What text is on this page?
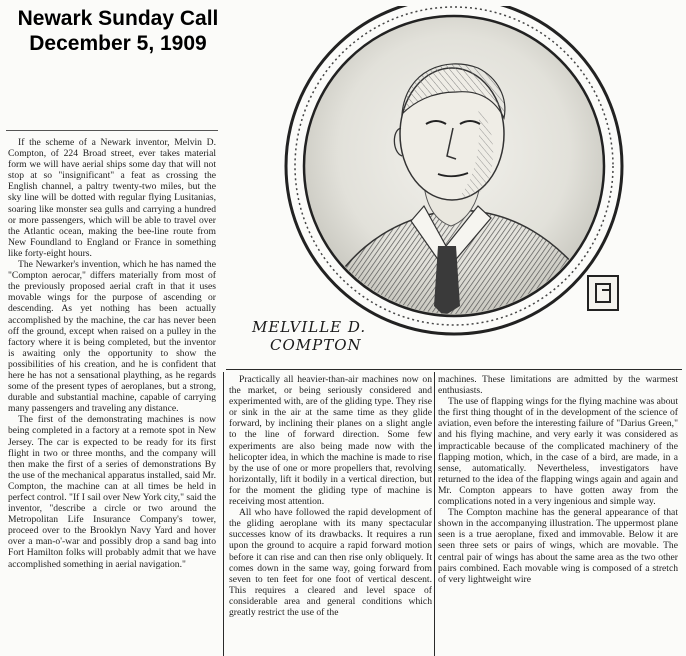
Newark Sunday Call
December 5, 1909
MELVILLE D.
COMPTON

If the scheme of a Newark inventor, Melvin D. Compton, of 224 Broad street, ever takes material form we will have aerial ships some day that will not stop at so "insignificant" a feat as crossing the English channel, a paltry twenty-two miles, but the sky line will be dotted with regular flying Lusitanias, soaring like monster sea gulls and carrying a hundred or more passengers, which will be able to travel over the Atlantic ocean, making the bee-line route from New Foundland to England or France in something like forty-eight hours.

The Newarker's invention, which he has named the "Compton aerocar," differs materially from most of the previously proposed aerial craft in that it uses movable wings for the purpose of ascending or descending. As yet nothing has been actually accomplished by the machine, the car has never been off the ground, except when raised on a pulley in the factory where it is being completed, but the inventor is awaiting only the opportunity to show the possibilities of his creation, and he is confident that here he has not a sensational plaything, as he regards some of the present types of aeroplanes, but a strong, durable and substantial machine, capable of carrying many passengers and traveling any distance.

The first of the demonstrating machines is now being completed in a factory at a remote spot in New Jersey. The car is expected to be ready for its first flight in two or three months, and the company will then make the first of a series of demonstrations By the use of the mechanical apparatus installed, said Mr. Compton, the machine can at all times be held in perfect control. "If I sail over New York city," said the inventor, "describe a circle or two around the Metropolitan Life Insurance Company's tower, proceed over to the Brooklyn Navy Yard and hover over a man-o'-war and possibly drop a sand bag into Fort Hamilton folks will probably admit that we have accomplished something in aerial navigation."

Practically all heavier-than-air machines now on the market, or being seriously considered and experimented with, are of the gliding type. They rise or sink in the air at the same time as they glide forward, by inclining their planes on a slight angle to the line of forward direction. Some few experiments are also being made now with the helicopter idea, in which the machine is made to rise by the use of one or more propellers that, revolving horizontally, lift it bodily in a vertical direction, but for the moment the gliding type of machine is receiving most attention.

All who have followed the rapid development of the gliding aeroplane with its many spectacular successes know of its drawbacks. It requires a run upon the ground to acquire a rapid forward motion before it can rise and can then rise only obliquely. It comes down in the same way, going forward from seven to ten feet for one foot of vertical descent. This requires a cleared and level space of considerable area and general conditions which greatly restrict the use of the

machines. These limitations are admitted by the warmest enthusiasts.

The use of flapping wings for the flying machine was about the first thing thought of in the development of the science of aviation, even before the interesting failure of "Darius Green," and his flying machine, and very early it was considered as impracticable because of the complicated machinery of the flapping motion, which, in the case of a bird, are made, in a sense, automatically. Nevertheless, investigators have returned to the idea of the flapping wings again and again and Mr. Compton appears to have gotten away from the complications noted in a very ingenious and simple way.

The Compton machine has the general appearance of that shown in the accompanying illustration. The uppermost plane seen is a true aeroplane, fixed and immovable. Below it are seen three sets or pairs of wings, which are movable. The central pair of wings has about the same area as the two other pairs combined. Each movable wing is composed of a stretch of very lightweight wire
